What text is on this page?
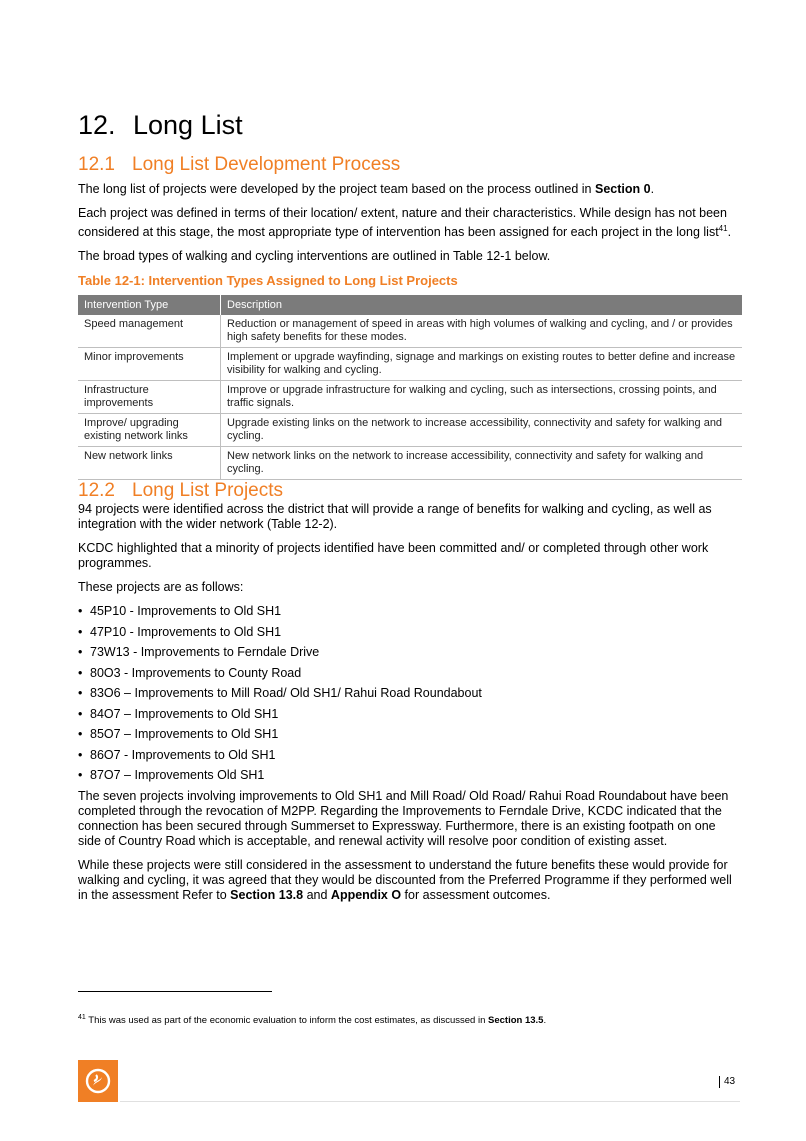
12. Long List
12.1 Long List Development Process

The long list of projects were developed by the project team based on the process outlined in Section 0.

Each project was defined in terms of their location/ extent, nature and their characteristics. While design has not been considered at this stage, the most appropriate type of intervention has been assigned for each project in the long list$^{41}$.

The broad types of walking and cycling interventions are outlined in Table 12-1 below.

Table 12-1: Intervention Types Assigned to Long List Projects
Intervention Type	Description
Speed management	Reduction or management of speed in areas with high volumes of walking and cycling, and / or provides high safety benefits for these modes.
Minor improvements	Implement or upgrade wayfinding, signage and markings on existing routes to better define and increase visibility for walking and cycling.
Infrastructure improvements	Improve or upgrade infrastructure for walking and cycling, such as intersections, crossing points, and traffic signals.
Improve/ upgrading existing network links	Upgrade existing links on the network to increase accessibility, connectivity and safety for walking and cycling.
New network links	New network links on the network to increase accessibility, connectivity and safety for walking and cycling.
12.2 Long List Projects

94 projects were identified across the district that will provide a range of benefits for walking and cycling, as well as integration with the wider network (Table 12-2).

KCDC highlighted that a minority of projects identified have been committed and/ or completed through other work programmes.

These projects are as follows:

• 45P10 - Improvements to Old SH1
• 47P10 - Improvements to Old SH1
• 73W13 - Improvements to Ferndale Drive
• 80O3 - Improvements to County Road
• 83O6 – Improvements to Mill Road/ Old SH1/ Rahui Road Roundabout
• 84O7 – Improvements to Old SH1
• 85O7 – Improvements to Old SH1
• 86O7 - Improvements to Old SH1
• 87O7 – Improvements Old SH1

The seven projects involving improvements to Old SH1 and Mill Road/ Old Road/ Rahui Road Roundabout have been completed through the revocation of M2PP. Regarding the Improvements to Ferndale Drive, KCDC indicated that the connection has been secured through Summerset to Expressway. Furthermore, there is an existing footpath on one side of Country Road which is acceptable, and renewal activity will resolve poor condition of existing asset.

While these projects were still considered in the assessment to understand the future benefits these would provide for walking and cycling, it was agreed that they would be discounted from the Preferred Programme if they performed well in the assessment Refer to Section 13.8 and Appendix O for assessment outcomes.

$^{41}$ This was used as part of the economic evaluation to inform the cost estimates, as discussed in Section 13.5.
43
